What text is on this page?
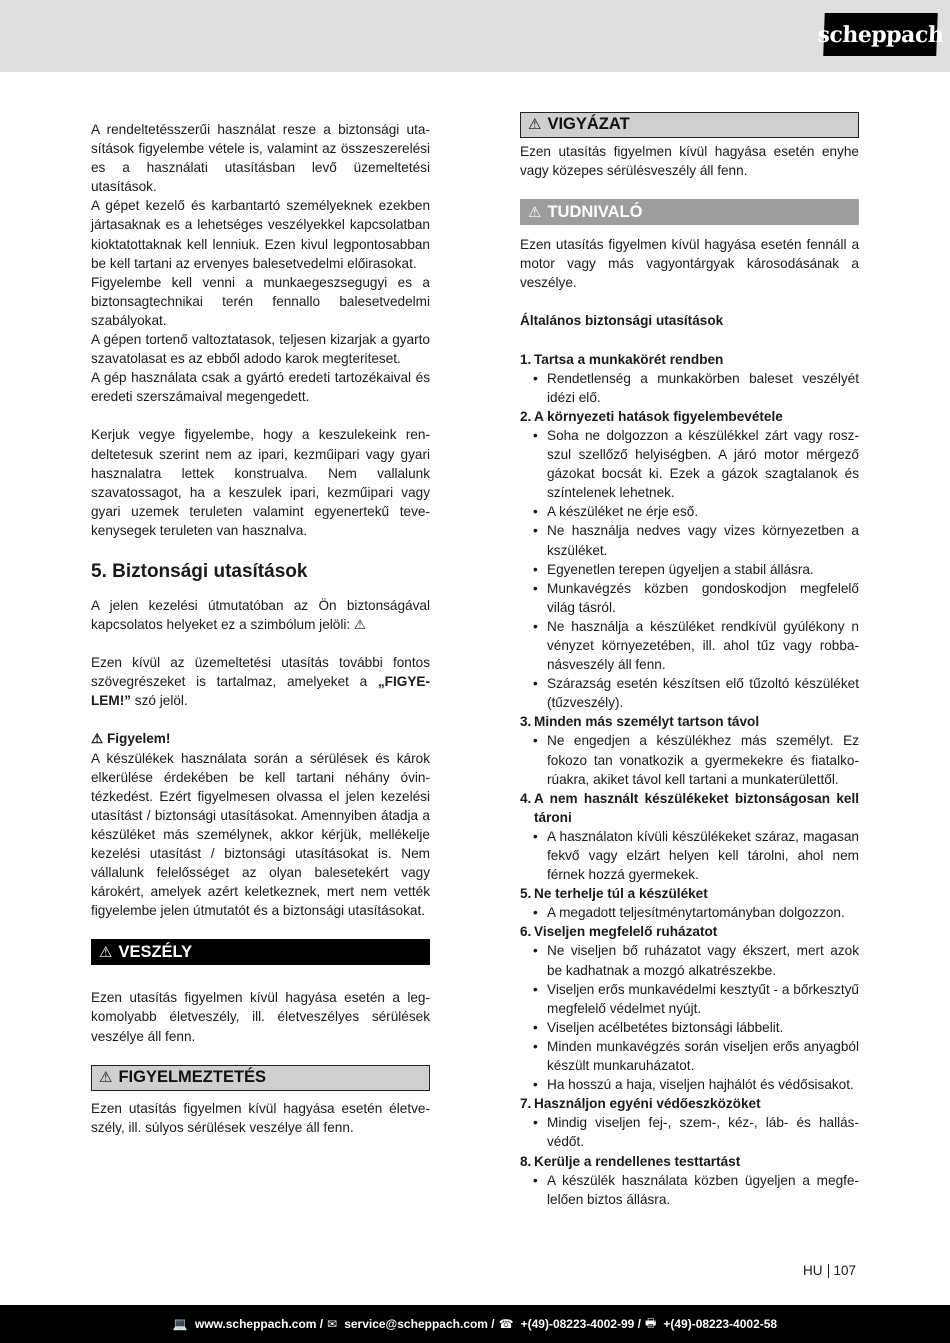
scheppach

A rendeltetésszerűi használat resze a biztonsági utasítások figyelembe vétele is, valamint az összeszerelési es a használati utasításban levő üzemeltetési utasítások.

A gépet kezelő és karbantartó személyeknek ezekben jártasaknak es a lehetséges veszélyekkel kapcsolatban kioktatottaknak kell lenniuk. Ezen kivul legpontosabban be kell tartani az ervenyes balesetvedelmi előirasokat.

Figyelembe kell venni a munkaegeszsegugyi es a biztonsagtechnikai terén fennallo balesetvedelmi szabályokat.

A gépen tortenő valtoztatasok, teljesen kizarjak a gyarto szavatolasat es az ebből adodo karok megteriteset.

A gép használata csak a gyártó eredeti tartozékaival és eredeti szerszámaival megengedett.

Kerjuk vegye figyelembe, hogy a keszulekeink rendeltetesuk szerint nem az ipari, kezműipari vagy gyari hasznalatra lettek konstrualva. Nem vallalunk szavatossagot, ha a keszulek ipari, kezműipari vagy gyari uzemek teruleten valamint egyenertekű tevekenysegek teruleten van hasznalva.

5. Biztonsági utasítások

A jelen kezelési útmutatóban az Ön biztonságával kapcsolatos helyeket ez a szimbólum jelöli: ⚠

Ezen kívül az üzemeltetési utasítás további fontos szövegrészeket is tartalmaz, amelyeket a „FIGYELEM!” szó jelöl.

⚠ Figyelem!

A készülékek használata során a sérülések és károk elkerülése érdekében be kell tartani néhány óvintézkedést. Ezért figyelmesen olvassa el jelen kezelési utasítást / biztonsági utasításokat. Amennyiben átadja a készüléket más személynek, akkor kérjük, mellékelje kezelési utasítást / biztonsági utasításokat is. Nem vállalunk felelősséget az olyan balesetekért vagy károkért, amelyek azért keletkeznek, mert nem vették figyelembe jelen útmutatót és a biztonsági utasításokat.

⚠ VESZÉLY

Ezen utasítás figyelmen kívül hagyása esetén a legkomolyabb életveszély, ill. életveszélyes sérülések veszélye áll fenn.

⚠ FIGYELMEZTETÉS

Ezen utasítás figyelmen kívül hagyása esetén életveszély, ill. súlyos sérülések veszélye áll fenn.

⚠ VIGYÁZAT

Ezen utasítás figyelmen kívül hagyása esetén enyhe vagy közepes sérülésveszély áll fenn.

⚠ TUDNIVALÓ

Ezen utasítás figyelmen kívül hagyása esetén fennáll a motor vagy más vagyontárgyak károsodásának a veszélye.

Általános biztonsági utasítások

1. Tartsa a munkakörét rendben
• Rendetlenség a munkakörben baleset veszélyét idézi elő.
2. A környezeti hatások figyelembevétele
• Soha ne dolgozzon a készülékkel zárt vagy roszszul szellőző helyiségben. A járó motor mérgező gázokat bocsát ki. Ezek a gázok szagtalanok és színtelenek lehetnek.
• A készüléket ne érje eső.
• Ne használja nedves vagy vizes környezetben a kszüléket.
• Egyenetlen terepen ügyeljen a stabil állásra.
• Munkavégzés közben gondoskodjon megfelelő világ tásról.
• Ne használja a készüléket rendkívül gyúlékony n vényzet környezetében, ill. ahol tűz vagy robbanásveszély áll fenn.
• Szárazság esetén készítsen elő tűzoltó készüléket (tűzveszély).
3. Minden más személyt tartson távol
• Ne engedjen a készülékhez más személyt. Ez fokozo tan vonatkozik a gyermekekre és fiatalkorúakra, akiket távol kell tartani a munkaterülettől.
4. A nem használt készülékeket biztonságosan kell tároni
• A használaton kívüli készülékeket száraz, magasan fekvő vagy elzárt helyen kell tárolni, ahol nem férnek hozzá gyermekek.
5. Ne terhelje túl a készüléket
• A megadott teljesítménytartományban dolgozzon.
6. Viseljen megfelelő ruházatot
• Ne viseljen bő ruházatot vagy ékszert, mert azok be kadhatnak a mozgó alkatrészekbe.
• Viseljen erős munkavédelmi kesztyűt - a bőrkesztyű megfelelő védelmet nyújt.
• Viseljen acélbetétes biztonsági lábbelit.
• Minden munkavégzés során viseljen erős anyagból készült munkaruházatot.
• Ha hosszú a haja, viseljen hajhálót és védősisakot.
7. Használjon egyéni védőeszközöket
• Mindig viseljen fej-, szem-, kéz-, láb- és hallásvédőt.
8. Kerülje a rendellenes testtartást
• A készülék használata közben ügyeljen a megfelelően biztos állásra.
HU 107
💻 www.scheppach.com / ✉ service@scheppach.com / ☎ +(49)-08223-4002-99 / 🖶 +(49)-08223-4002-58
